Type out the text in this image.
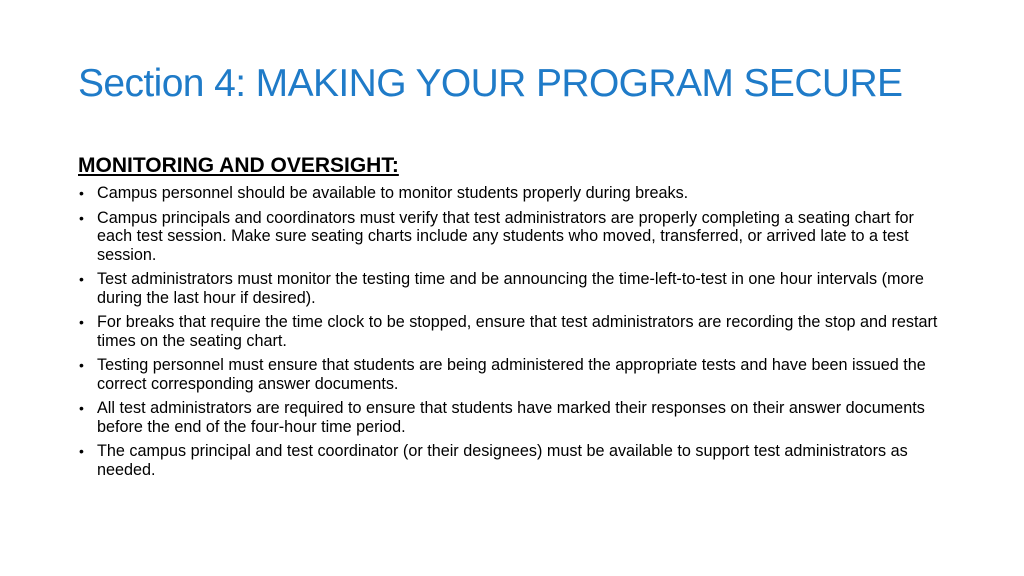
Section 4: MAKING YOUR PROGRAM SECURE
MONITORING AND OVERSIGHT:
• Campus personnel should be available to monitor students properly during breaks.
• Campus principals and coordinators must verify that test administrators are properly completing a seating chart for each test session. Make sure seating charts include any students who moved, transferred, or arrived late to a test session.
• Test administrators must monitor the testing time and be announcing the time-left-to-test in one hour intervals (more during the last hour if desired).
• For breaks that require the time clock to be stopped, ensure that test administrators are recording the stop and restart times on the seating chart.
• Testing personnel must ensure that students are being administered the appropriate tests and have been issued the correct corresponding answer documents.
• All test administrators are required to ensure that students have marked their responses on their answer documents before the end of the four-hour time period.
• The campus principal and test coordinator (or their designees) must be available to support test administrators as needed.
